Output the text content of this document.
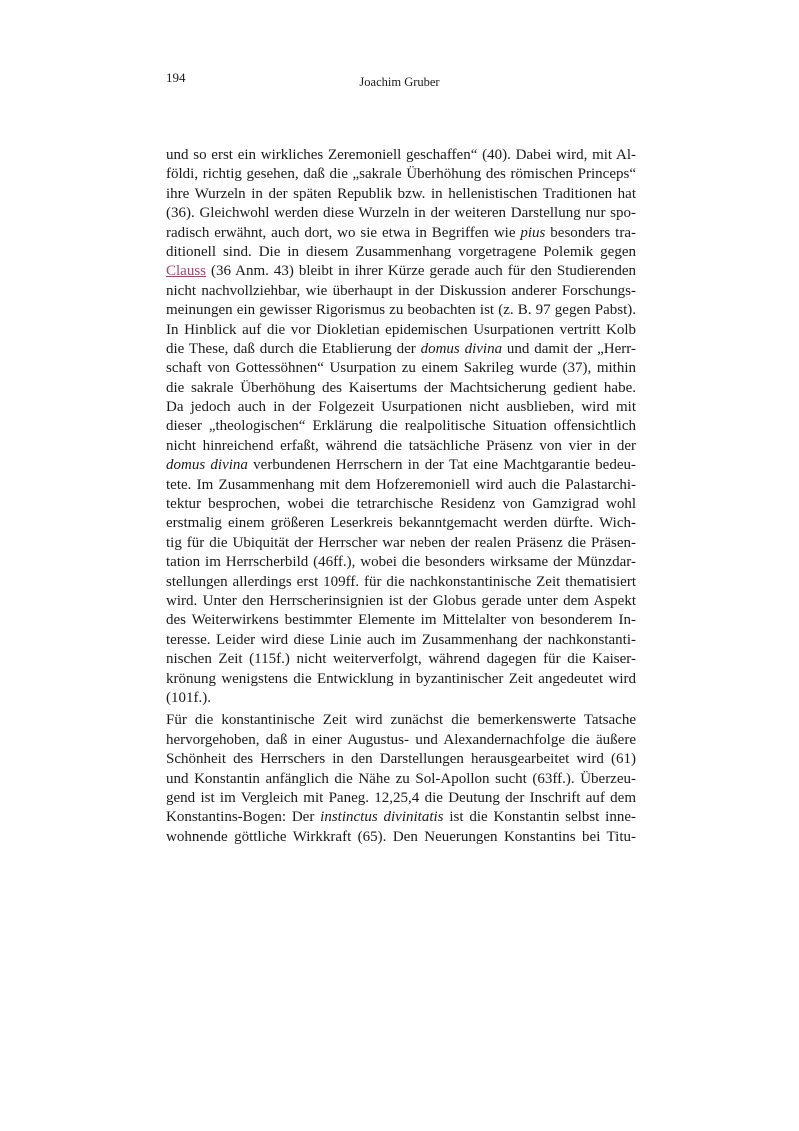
194	Joachim Gruber
und so erst ein wirkliches Zeremoniell geschaffen“ (40). Dabei wird, mit Al-
földi, richtig gesehen, daß die „sakrale Überhöhung des römischen Princeps“
ihre Wurzeln in der späten Republik bzw. in hellenistischen Traditionen hat
(36). Gleichwohl werden diese Wurzeln in der weiteren Darstellung nur spo-
radisch erwähnt, auch dort, wo sie etwa in Begriffen wie pius besonders tra-
ditionell sind. Die in diesem Zusammenhang vorgetragene Polemik gegen
Clauss (36 Anm. 43) bleibt in ihrer Kürze gerade auch für den Studierenden
nicht nachvollziehbar, wie überhaupt in der Diskussion anderer Forschungs-
meinungen ein gewisser Rigorismus zu beobachten ist (z. B. 97 gegen Pabst).
In Hinblick auf die vor Diokletian epidemischen Usurpationen vertritt Kolb
die These, daß durch die Etablierung der domus divina und damit der „Herr-
schaft von Gottessöhnen“ Usurpation zu einem Sakrileg wurde (37), mithin
die sakrale Überhöhung des Kaisertums der Machtsicherung gedient habe.
Da jedoch auch in der Folgezeit Usurpationen nicht ausblieben, wird mit
dieser „theologischen“ Erklärung die realpolitische Situation offensichtlich
nicht hinreichend erfaßt, während die tatsächliche Präsenz von vier in der
domus divina verbundenen Herrschern in der Tat eine Machtgarantie bedeu-
tete. Im Zusammenhang mit dem Hofzeremoniell wird auch die Palastarchi-
tektur besprochen, wobei die tetrarchische Residenz von Gamzigrad wohl
erstmalig einem größeren Leserkreis bekanntgemacht werden dürfte. Wich-
tig für die Ubiquität der Herrscher war neben der realen Präsenz die Präsen-
tation im Herrscherbild (46ff.), wobei die besonders wirksame der Münzdar-
stellungen allerdings erst 109ff. für die nachkonstantinische Zeit thematisiert
wird. Unter den Herrscherinsignien ist der Globus gerade unter dem Aspekt
des Weiterwirkens bestimmter Elemente im Mittelalter von besonderem In-
teresse. Leider wird diese Linie auch im Zusammenhang der nachkonstanti-
nischen Zeit (115f.) nicht weiterverfolgt, während dagegen für die Kaiser-
krönung wenigstens die Entwicklung in byzantinischer Zeit angedeutet wird
(101f.).
Für die konstantinische Zeit wird zunächst die bemerkenswerte Tatsache
hervorgehoben, daß in einer Augustus- und Alexandernachfolge die äußere
Schönheit des Herrschers in den Darstellungen herausgearbeitet wird (61)
und Konstantin anfänglich die Nähe zu Sol-Apollon sucht (63ff.). Überzeu-
gend ist im Vergleich mit Paneg. 12,25,4 die Deutung der Inschrift auf dem
Konstantins-Bogen: Der instinctus divinitatis ist die Konstantin selbst inne-
wohnende göttliche Wirkkraft (65). Den Neuerungen Konstantins bei Titu-
